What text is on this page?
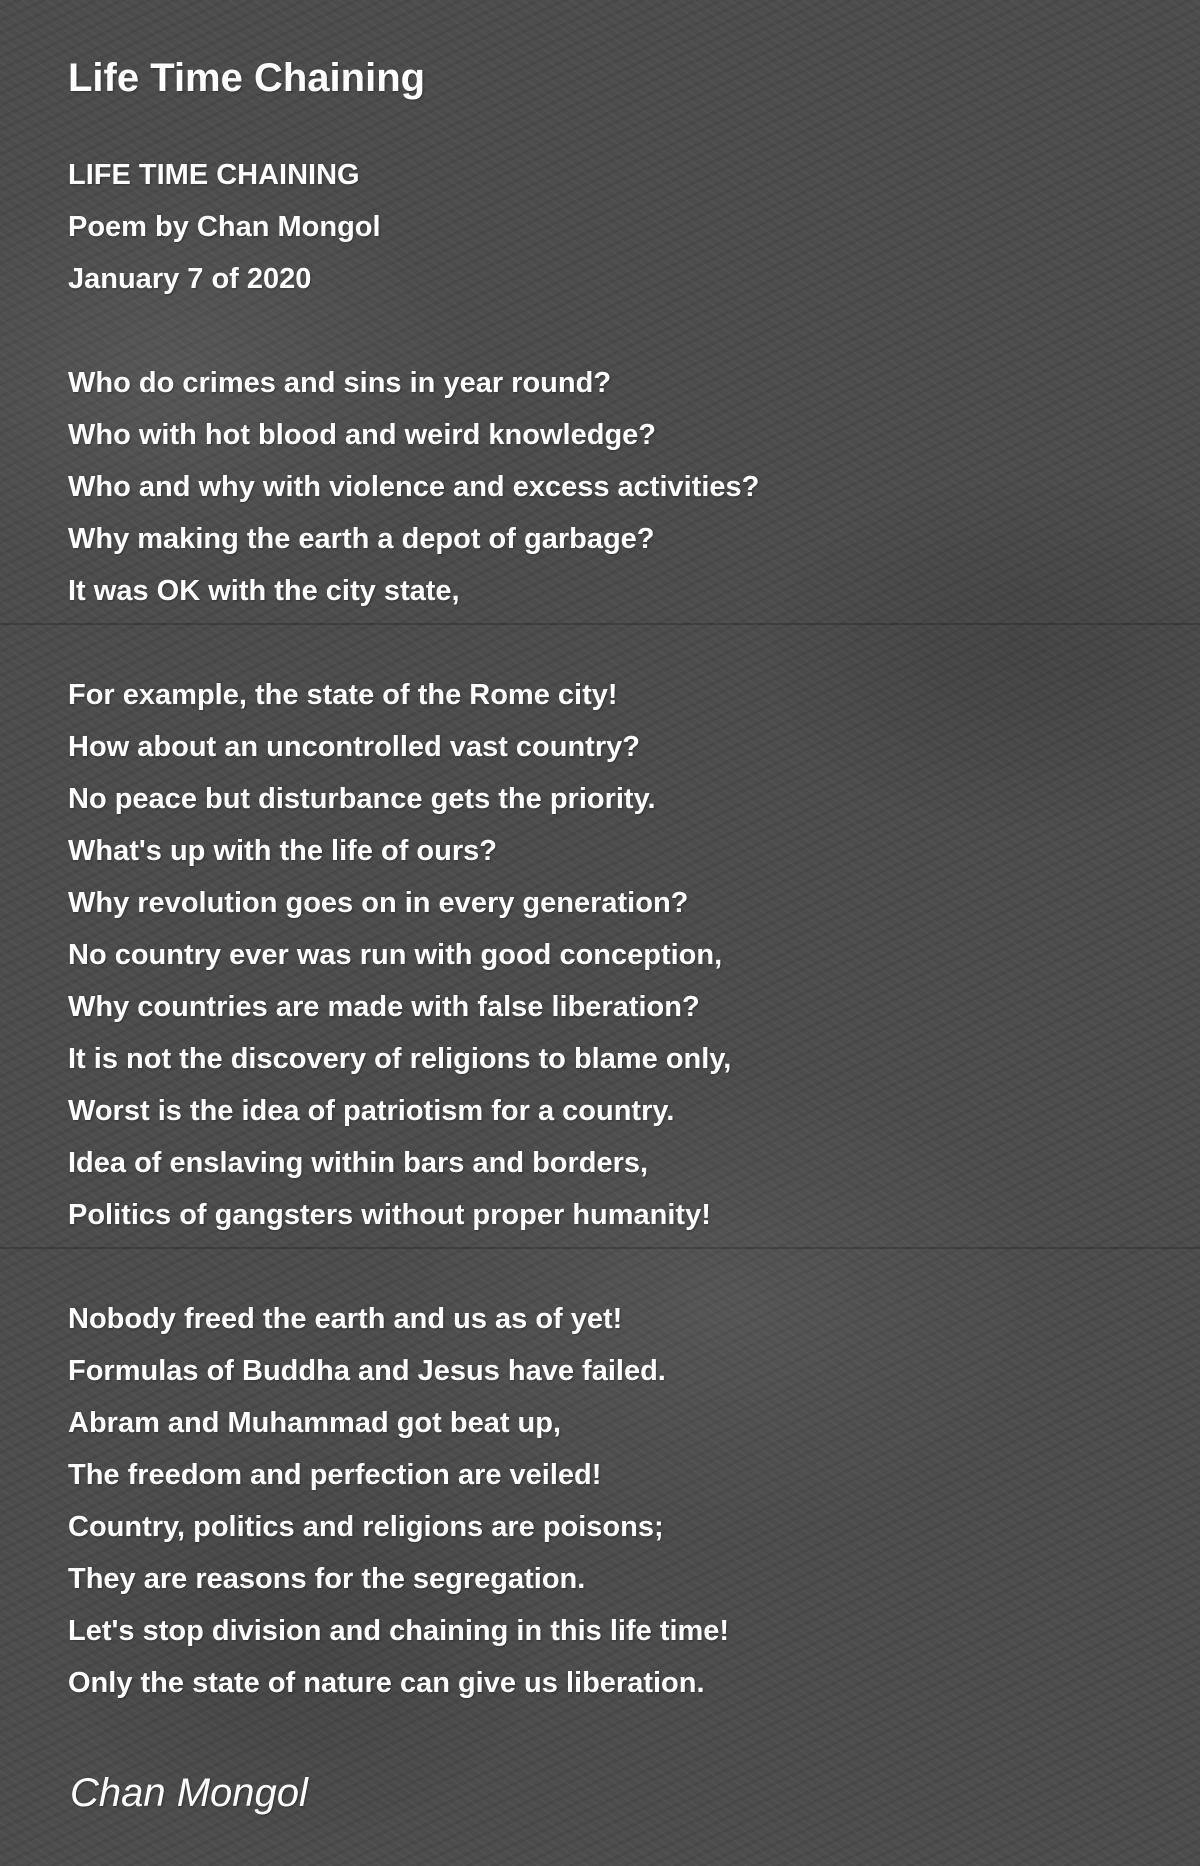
Life Time Chaining
LIFE TIME CHAINING
Poem by Chan Mongol
January 7 of 2020
Who do crimes and sins in year round?
Who with hot blood and weird knowledge?
Who and why with violence and excess activities?
Why making the earth a depot of garbage?
It was OK with the city state,
For example, the state of the Rome city!
How about an uncontrolled vast country?
No peace but disturbance gets the priority.
What's up with the life of ours?
Why revolution goes on in every generation?
No country ever was run with good conception,
Why countries are made with false liberation?
It is not the discovery of religions to blame only,
Worst is the idea of patriotism for a country.
Idea of enslaving within bars and borders,
Politics of gangsters without proper humanity!
Nobody freed the earth and us as of yet!
Formulas of Buddha and Jesus have failed.
Abram and Muhammad got beat up,
The freedom and perfection are veiled!
Country, politics and religions are poisons;
They are reasons for the segregation.
Let's stop division and chaining in this life time!
Only the state of nature can give us liberation.
Chan Mongol
